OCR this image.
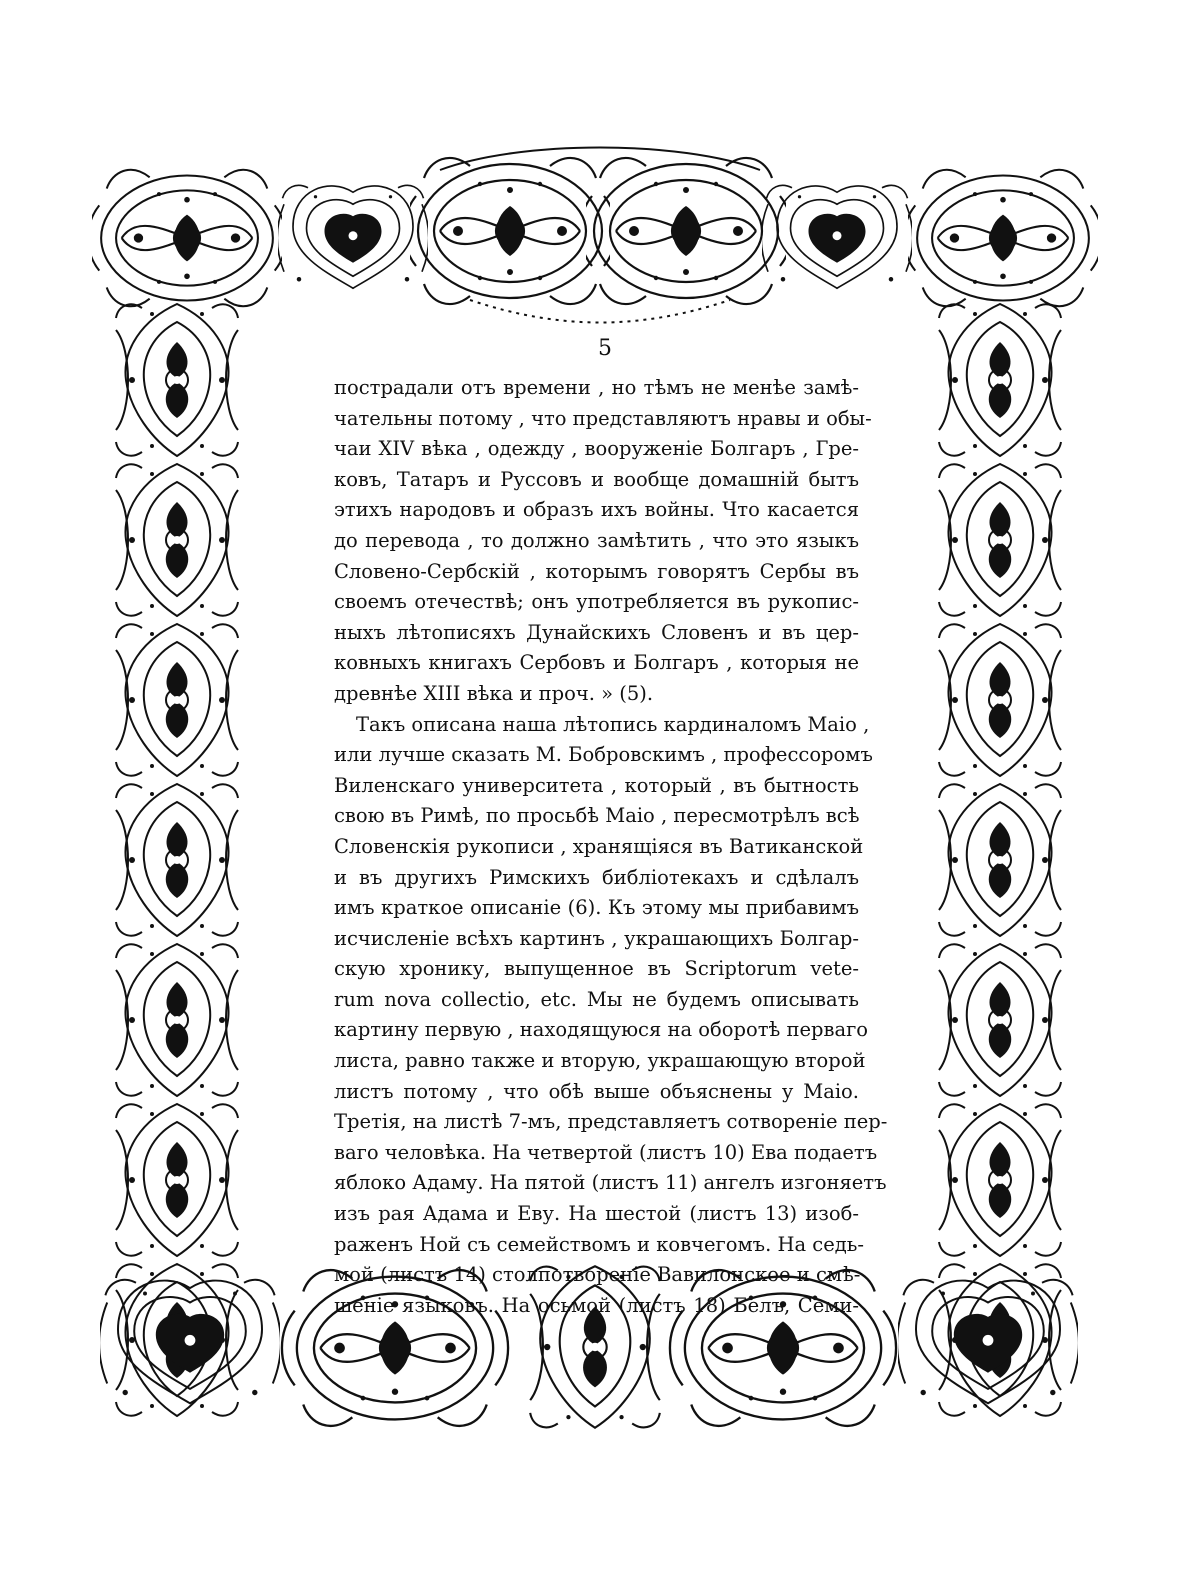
5
пострадали отъ времени , но тѣмъ не менѣе замѣ-
чательны потому , что представляютъ нравы и обы-
чаи XIV вѣка , одежду , вооруженіе Болгаръ , Гре-
ковъ, Татаръ и Руссовъ и вообще домашній бытъ
этихъ народовъ и образъ ихъ войны. Что касается
до перевода , то должно замѣтить , что это языкъ
Словено-Сербскій , которымъ говорятъ Сербы въ
своемъ отечествѣ; онъ употребляется въ рукопис-
ныхъ лѣтописяхъ Дунайскихъ Словенъ и въ цер-
ковныхъ книгахъ Сербовъ и Болгаръ , которыя не
древнѣе XIII вѣка и проч. » (5).
Такъ описана наша лѣтопись кардиналомъ Маіо ,
или лучше сказать М. Бобровскимъ , профессоромъ
Виленскаго университета , который , въ бытность
свою въ Римѣ, по просьбѣ Маіо , пересмотрѣлъ всѣ
Словенскія рукописи , хранящіяся въ Ватиканской
и въ другихъ Римскихъ библіотекахъ и сдѣлалъ
имъ краткое описаніе (6). Къ этому мы прибавимъ
исчисленіе всѣхъ картинъ , украшающихъ Болгар-
скую хронику, выпущенное въ Scriptorum vete-
rum nova collectio, etc. Мы не будемъ описывать
картину первую , находящуюся на оборотѣ перваго
листа, равно также и вторую, украшающую второй
листъ потому , что обѣ выше объяснены у Маіо.
Третія, на листѣ 7-мъ, представляетъ сотвореніе пер-
ваго человѣка. На четвертой (листъ 10) Ева подаетъ
яблоко Адаму. На пятой (листъ 11) ангелъ изгоняетъ
изъ рая Адама и Еву. На шестой (листъ 13) изоб-
раженъ Ной съ семействомъ и ковчегомъ. На седь-
мой (листъ 14) столпотвореніе Вавилонское и смѣ-
шеніе языковъ. На осьмой (листъ 18) Белъ, Семи-
